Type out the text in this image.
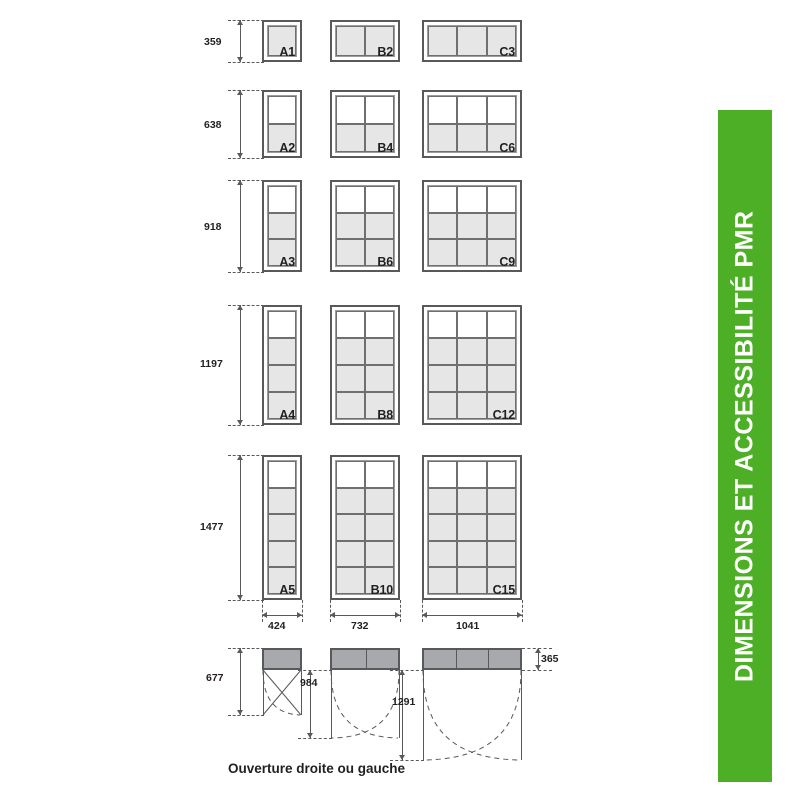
DIMENSIONS ET ACCESSIBILITÉ PMR
359
A1	B2	C3
638
A2	B4	C6
918
A3	B6	C9
1197
A4	B8	C12
1477
A5	B10	C15
424	732	1041
677	984
1291
365
Ouverture droite ou gauche
